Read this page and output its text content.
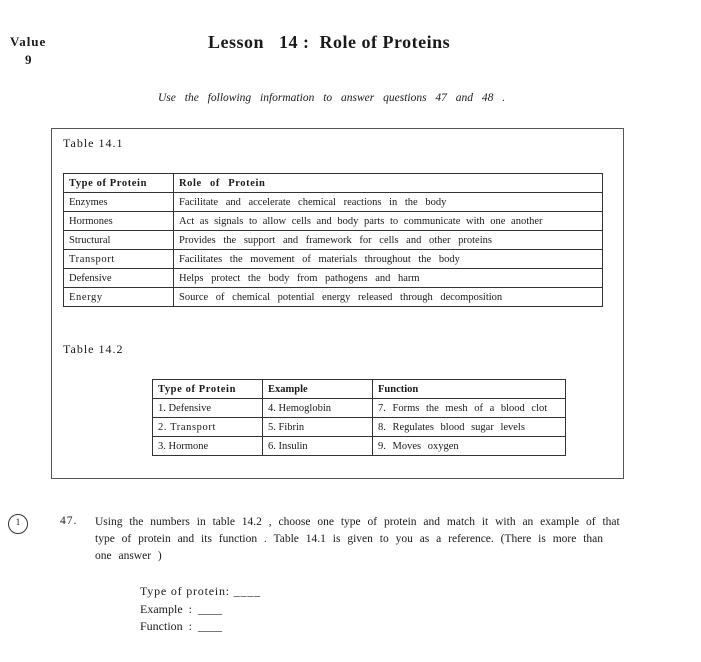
Value
9
Lesson   14 :  Role of Proteins
Use the following information to answer questions 47 and 48 .
Table 14.1
Type of Protein	Role of Protein
Enzymes	Facilitate and accelerate chemical reactions in the body
Hormones	Act as signals to allow cells and body parts to communicate with one another
Structural	Provides the support and framework for cells and other proteins
Transport	Facilitates the movement of materials throughout the body
Defensive	Helps protect the body from pathogens and harm
Energy	Source of chemical potential energy released through decomposition
Table 14.2
Type of Protein	Example	Function
1. Defensive	4. Hemoglobin	7. Forms the mesh of a blood clot
2. Transport	5. Fibrin	8. Regulates blood sugar levels
3. Hormone	6. Insulin	9. Moves oxygen
1	47. Using the numbers in table 14.2 , choose one type of protein and match it with an example of that type of protein and its function . Table 14.1 is given to you as a reference. (There is more than one answer )
Type of protein: ____
Example  :  ____
Function  :  ____
